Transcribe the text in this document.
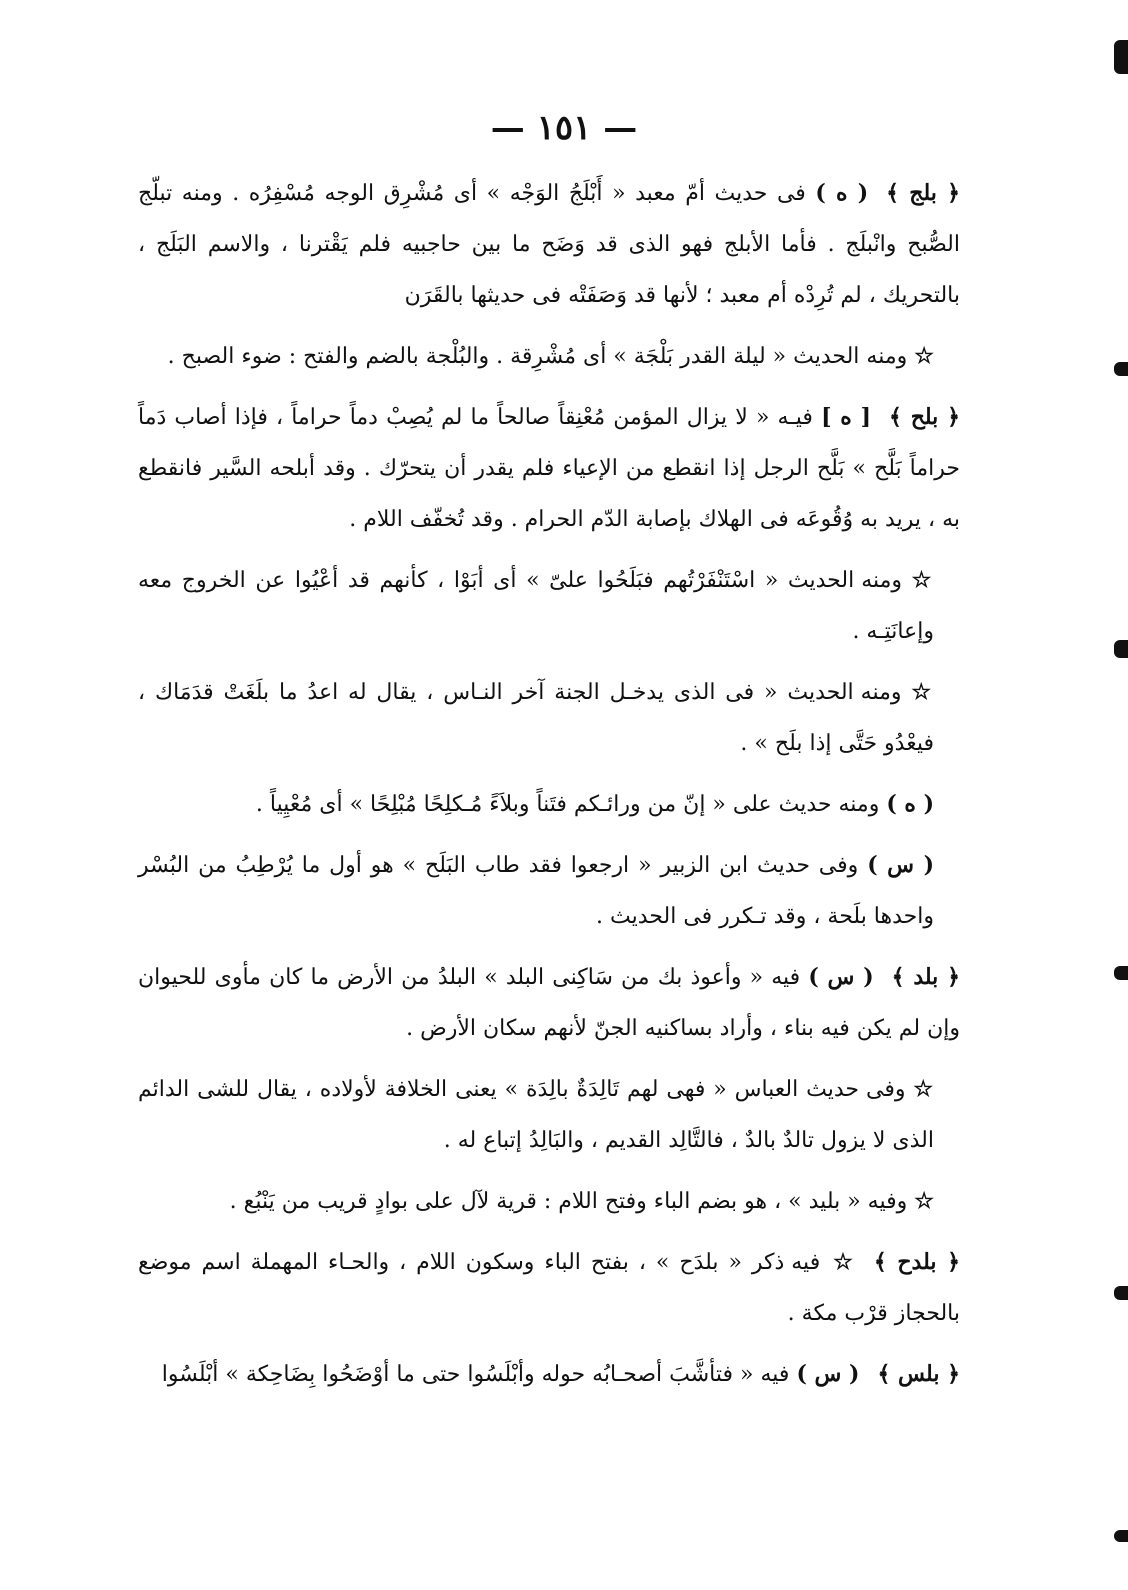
— ١٥١ —

﴿ بلج ﴾( ه ) فى حديث أمّ معبد « أَبْلَجُ الوَجْه » أى مُشْرِق الوجه مُسْفِرُه . ومنه تبلّج الصُّبح وانْبلَج . فأما الأبلج فهو الذى قد وَضَح ما بين حاجبيه فلم يَقْترنا ، والاسم البَلَج ، بالتحريك ، لم تُرِدْه أم معبد ؛ لأنها قد وَصَفَتْه فى حديثها بالقَرَن

☆ ومنه الحديث « ليلة القدر بَلْجَة » أى مُشْرِقة . والبُلْجة بالضم والفتح : ضوء الصبح .

﴿ بلح ﴾[ ه ] فيـه « لا يزال المؤمن مُعْنِقاً صالحاً ما لم يُصِبْ دماً حراماً ، فإذا أصاب دَماً حراماً بَلَّح » بَلَّح الرجل إذا انقطع من الإعياء فلم يقدر أن يتحرّك . وقد أبلحه السَّير فانقطع به ، يريد به وُقُوعَه فى الهلاك بإصابة الدّم الحرام . وقد تُخفّف اللام .

☆ ومنه الحديث « اسْتَنْفَرْتُهم فبَلَحُوا علىّ » أى أبَوْا ، كأنهم قد أعْيُوا عن الخروج معه وإعانَتِـه .

☆ ومنه الحديث « فى الذى يدخـل الجنة آخر النـاس ، يقال له اعدُ ما بلَغَتْ قدَمَاك ، فيعْدُو حَتَّى إذا بلَح » .

( ه ) ومنه حديث على « إنّ من ورائـكم فتَناً وبلاَءً مُـكلِحًا مُبْلِحًا » أى مُعْيِياً .

( س ) وفى حديث ابن الزبير « ارجعوا فقد طاب البَلَح » هو أول ما يُرْطِبُ من البُسْر واحدها بلَحة ، وقد تـكرر فى الحديث .

﴿ بلد ﴾( س ) فيه « وأعوذ بك من سَاكِنى البلد » البلدُ من الأرض ما كان مأوى للحيوان وإن لم يكن فيه بناء ، وأراد بساكنيه الجنّ لأنهم سكان الأرض .

☆ وفى حديث العباس « فهى لهم تَالِدَةٌ بالِدَة » يعنى الخلافة لأولاده ، يقال للشى الدائم الذى لا يزول تالدٌ بالدٌ ، فالتَّالِد القديم ، والبَالِدُ إتباع له .

☆ وفيه « بليد » ، هو بضم الباء وفتح اللام : قرية لآل على بوادٍ قريب من يَنْبُع .

﴿ بلدح ﴾☆ فيه ذكر « بلدَح » ، بفتح الباء وسكون اللام ، والحـاء المهملة اسم موضع بالحجاز قرْب مكة .

﴿ بلس ﴾( س ) فيه « فتأشَّبَ أصحـابُه حوله وأبْلَسُوا حتى ما أوْضَحُوا بِضَاحِكة » أبْلَسُوا
